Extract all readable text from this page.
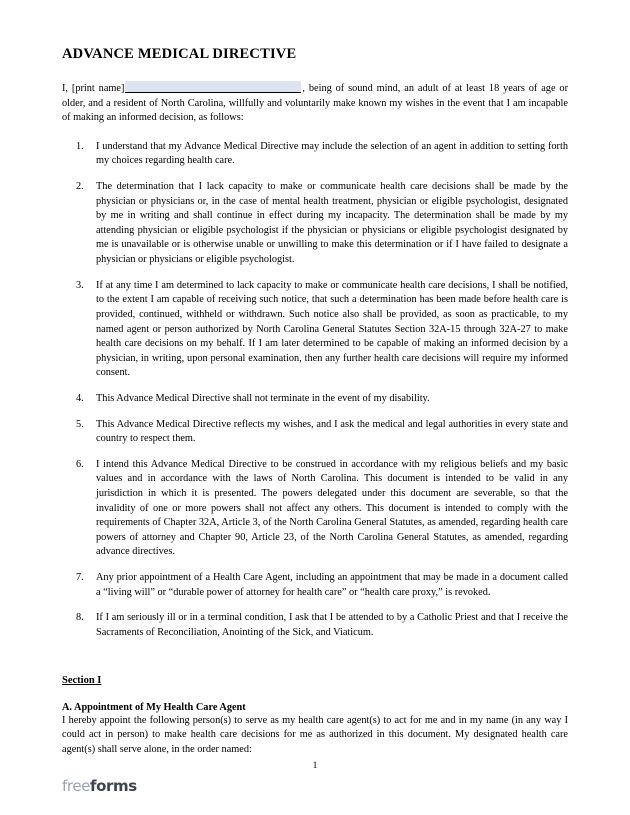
ADVANCE MEDICAL DIRECTIVE

I, [print name]	, being of sound mind, an adult of at least 18 years of age or older, and a resident of North Carolina, willfully and voluntarily make known my wishes in the event that I am incapable of making an informed decision, as follows:

I understand that my Advance Medical Directive may include the selection of an agent in addition to setting forth my choices regarding health care.
The determination that I lack capacity to make or communicate health care decisions shall be made by the physician or physicians or, in the case of mental health treatment, physician or eligible psychologist, designated by me in writing and shall continue in effect during my incapacity. The determination shall be made by my attending physician or eligible psychologist if the physician or physicians or eligible psychologist designated by me is unavailable or is otherwise unable or unwilling to make this determination or if I have failed to designate a physician or physicians or eligible psychologist.
If at any time I am determined to lack capacity to make or communicate health care decisions, I shall be notified, to the extent I am capable of receiving such notice, that such a determination has been made before health care is provided, continued, withheld or withdrawn. Such notice also shall be provided, as soon as practicable, to my named agent or person authorized by North Carolina General Statutes Section 32A-15 through 32A-27 to make health care decisions on my behalf. If I am later determined to be capable of making an informed decision by a physician, in writing, upon personal examination, then any further health care decisions will require my informed consent.
This Advance Medical Directive shall not terminate in the event of my disability.
This Advance Medical Directive reflects my wishes, and I ask the medical and legal authorities in every state and country to respect them.
I intend this Advance Medical Directive to be construed in accordance with my religious beliefs and my basic values and in accordance with the laws of North Carolina. This document is intended to be valid in any jurisdiction in which it is presented. The powers delegated under this document are severable, so that the invalidity of one or more powers shall not affect any others. This document is intended to comply with the requirements of Chapter 32A, Article 3, of the North Carolina General Statutes, as amended, regarding health care powers of attorney and Chapter 90, Article 23, of the North Carolina General Statutes, as amended, regarding advance directives.
Any prior appointment of a Health Care Agent, including an appointment that may be made in a document called a “living will” or “durable power of attorney for health care” or “health care proxy,” is revoked.
If I am seriously ill or in a terminal condition, I ask that I be attended to by a Catholic Priest and that I receive the Sacraments of Reconciliation, Anointing of the Sick, and Viaticum.
Section I
A. Appointment of My Health Care Agent
I hereby appoint the following person(s) to serve as my health care agent(s) to act for me and in my name (in any way I could act in person) to make health care decisions for me as authorized in this document. My designated health care agent(s) shall serve alone, in the order named:
1
freeforms
